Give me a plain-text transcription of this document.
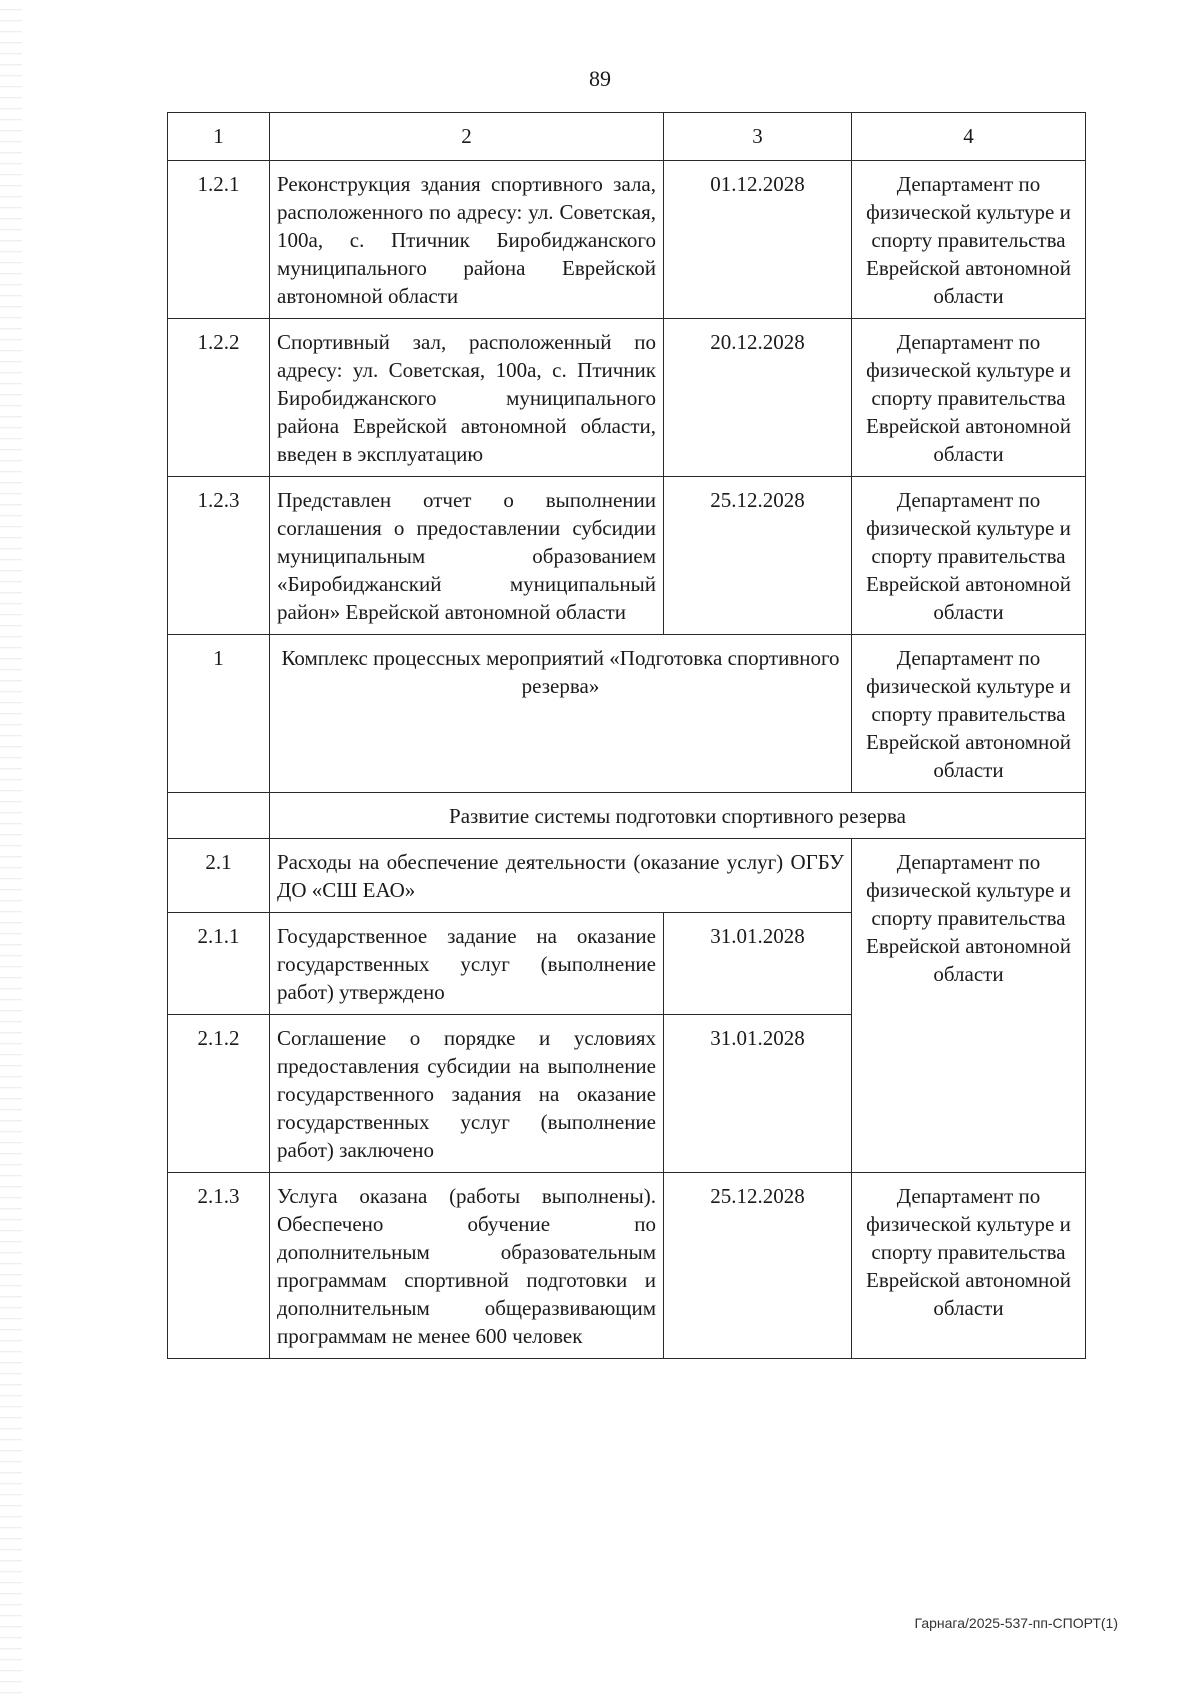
89
1	2	3	4
1.2.1	Реконструкция здания спортивного зала, расположенного по адресу: ул. Советская, 100а, с. Птичник Биробиджанского муниципального района Еврейской автономной области	01.12.2028	Департамент по физической культуре и спорту правительства Еврейской автономной области
1.2.2	Спортивный зал, расположенный по адресу: ул. Советская, 100а, с. Птичник Биробиджанского муниципального района Еврейской автономной области, введен в эксплуатацию	20.12.2028	Департамент по физической культуре и спорту правительства Еврейской автономной области
1.2.3	Представлен отчет о выполнении соглашения о предоставлении субсидии муниципальным образованием «Биробиджанский муниципальный район» Еврейской автономной области	25.12.2028	Департамент по физической культуре и спорту правительства Еврейской автономной области
1	Комплекс процессных мероприятий «Подготовка спортивного резерва»		Департамент по физической культуре и спорту правительства Еврейской автономной области
	Развитие системы подготовки спортивного резерва		
2.1	Расходы на обеспечение деятельности (оказание услуг) ОГБУ ДО «СШ ЕАО»		Департамент по физической культуре и спорту правительства Еврейской автономной области
2.1.1	Государственное задание на оказание государственных услуг (выполнение работ) утверждено	31.01.2028	
2.1.2	Соглашение о порядке и условиях предоставления субсидии на выполнение государственного задания на оказание государственных услуг (выполнение работ) заключено	31.01.2028	
2.1.3	Услуга оказана (работы выполнены). Обеспечено обучение по дополнительным образовательным программам спортивной подготовки и дополнительным общеразвивающим программам не менее 600 человек	25.12.2028	Департамент по физической культуре и спорту правительства Еврейской автономной области
Гарнага/2025-537-пп-СПОРТ(1)
